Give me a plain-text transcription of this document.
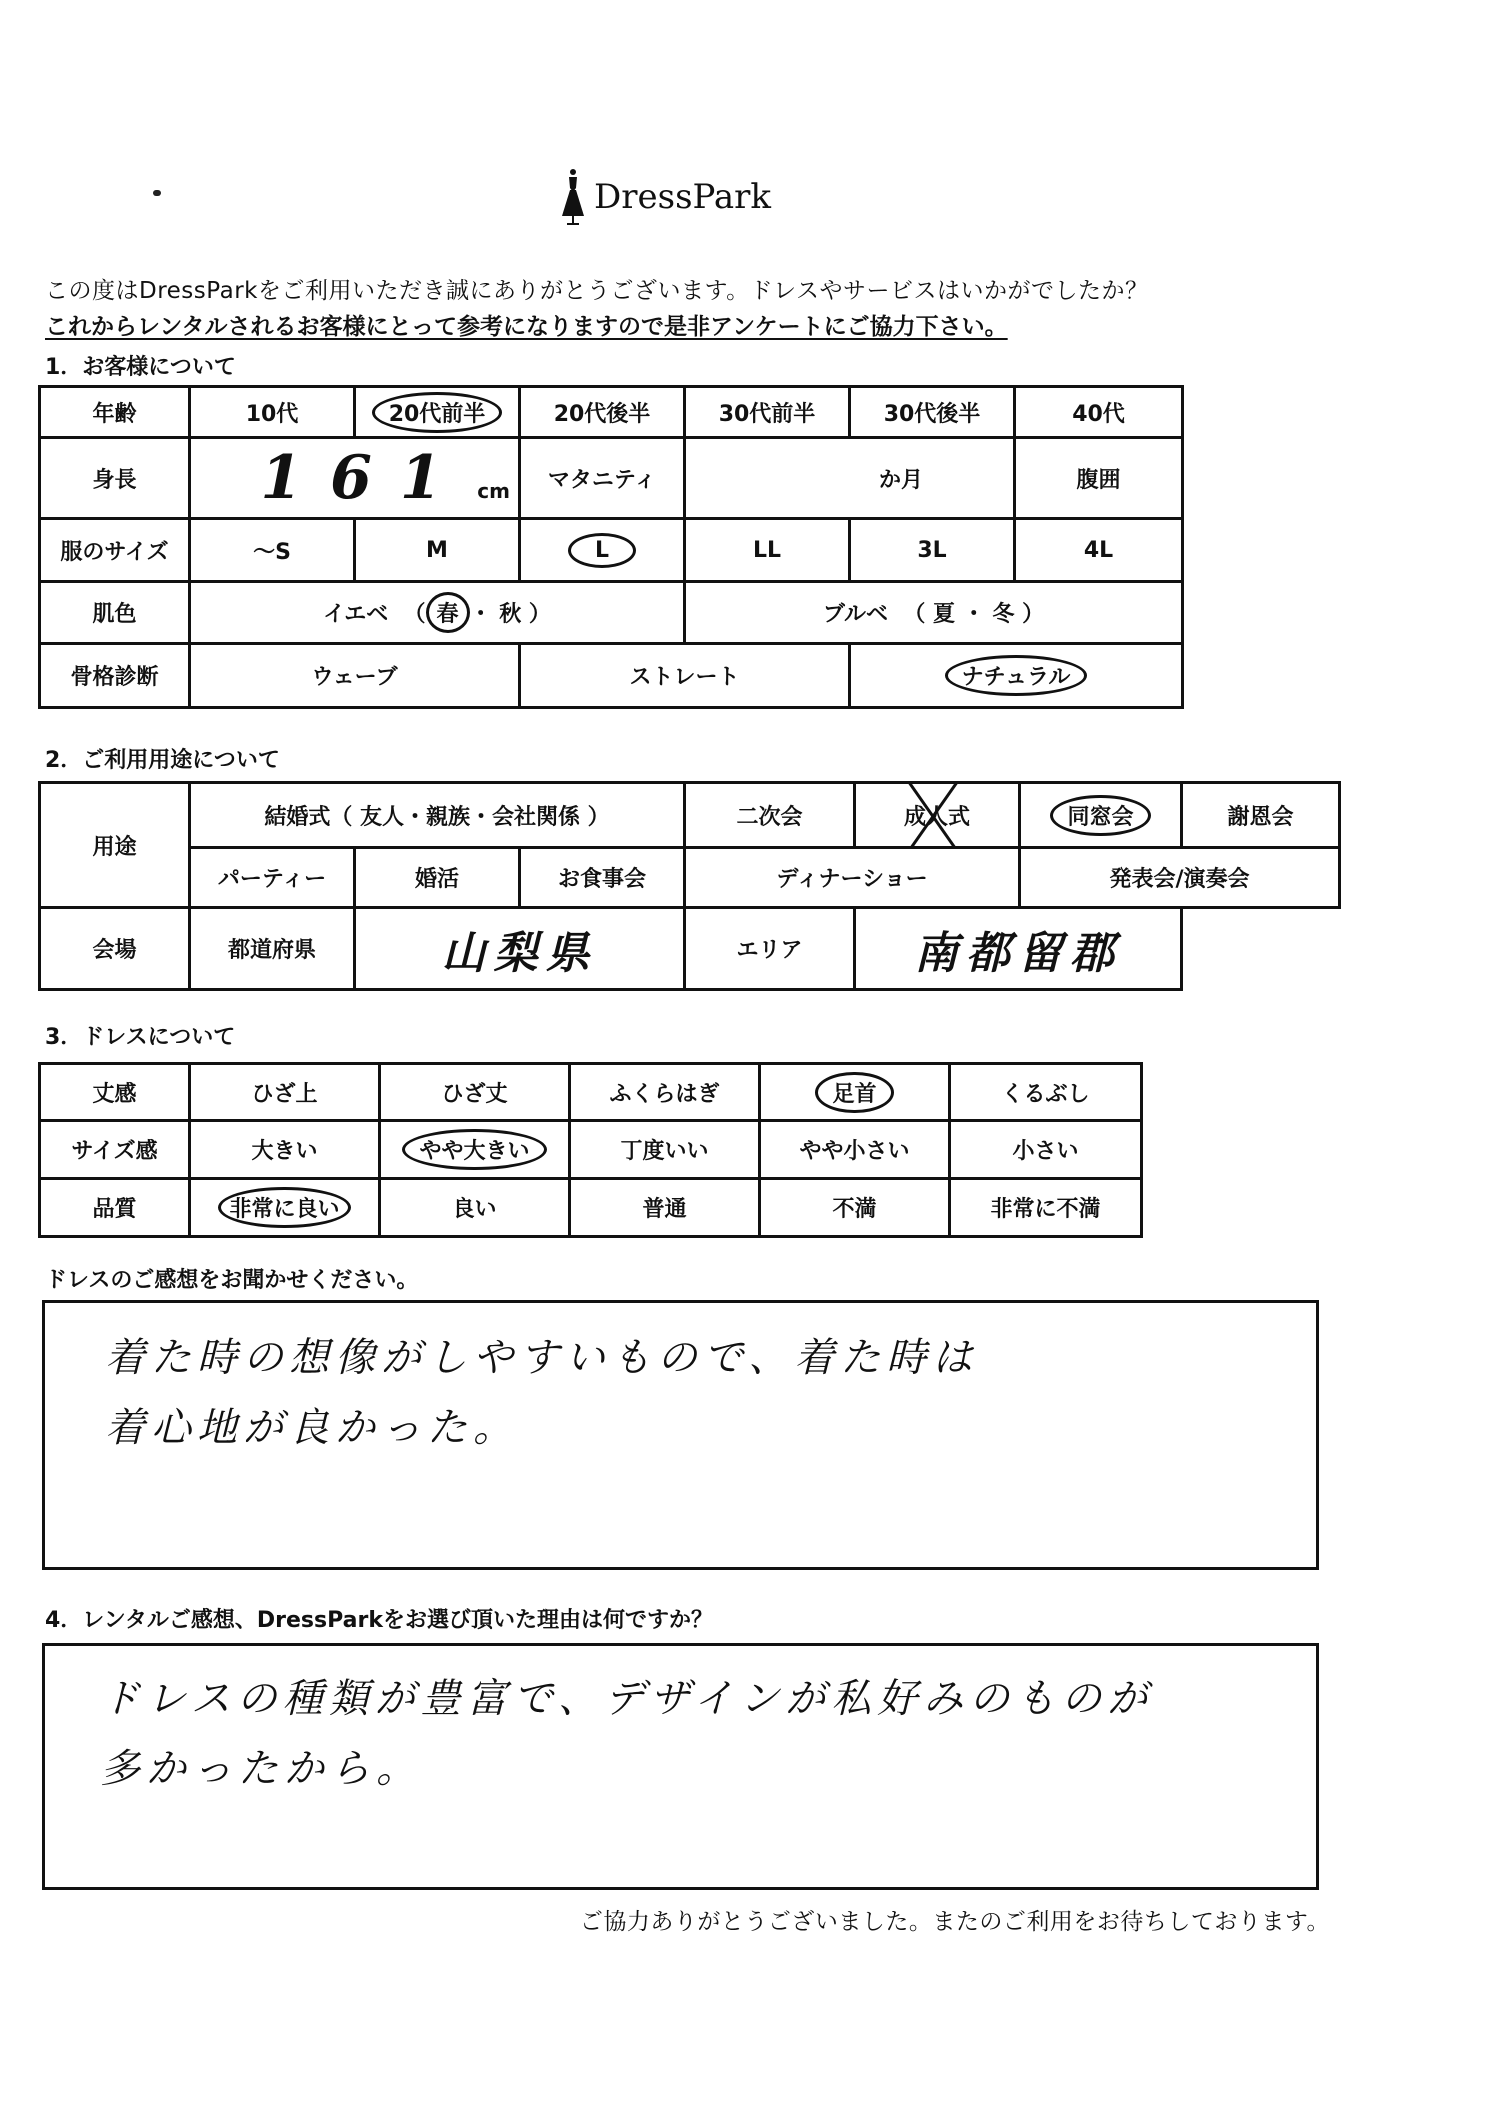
DressPark
この度はDressParkをご利用いただき誠にありがとうございます。ドレスやサービスはいかがでしたか？
これからレンタルされるお客様にとって参考になりますので是非アンケートにご協力下さい。
1．お客様について
年齢	10代	20代前半	20代後半	30代前半	30代後半	40代	
身長	161 cm		マタニティ	か月		腹囲	
服のサイズ	～S	M	L	LL	3L	4L	
肌色	イエベ  （ 春 ・ 秋 ）			ブルベ  （ 夏 ・ 冬 ）			
骨格診断	ウェーブ		ストレート		ナチュラル		
2．ご利用用途について
用途	結婚式（ 友人・親族・会社関係 ）			二次会	成人式	同窓会	謝恩会
	パーティー	婚活	お食事会	ディナーショー		発表会/演奏会	
会場	都道府県	山梨県		エリア	南都留郡		
3．ドレスについて
丈感	ひざ上	ひざ丈	ふくらはぎ	足首	くるぶし
サイズ感	大きい	やや大きい	丁度いい	やや小さい	小さい
品質	非常に良い	良い	普通	不満	非常に不満
ドレスのご感想をお聞かせください。
着た時の想像がしやすいもので、着た時は
着心地が良かった。
4．レンタルご感想、DressParkをお選び頂いた理由は何ですか？
ドレスの種類が豊富で、デザインが私好みのものが
多かったから。
ご協力ありがとうございました。またのご利用をお待ちしております。
